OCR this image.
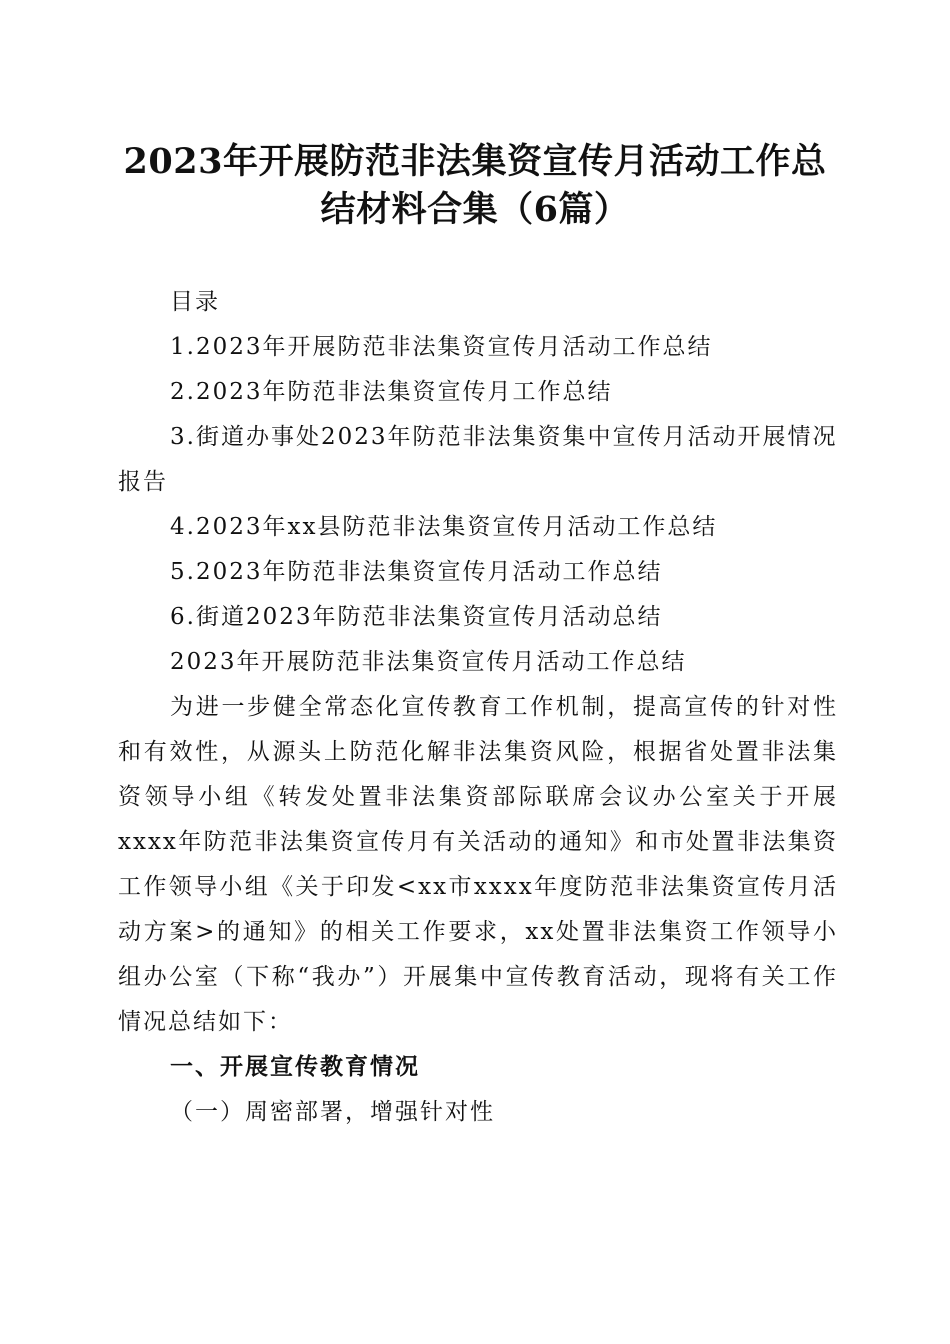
2023年开展防范非法集资宣传月活动工作总
结材料合集（6篇）

目录

1.2023年开展防范非法集资宣传月活动工作总结

2.2023年防范非法集资宣传月工作总结

3.街道办事处2023年防范非法集资集中宣传月活动开展情况报告

4.2023年xx县防范非法集资宣传月活动工作总结

5.2023年防范非法集资宣传月活动工作总结

6.街道2023年防范非法集资宣传月活动总结

2023年开展防范非法集资宣传月活动工作总结

为进一步健全常态化宣传教育工作机制，提高宣传的针对性和有效性，从源头上防范化解非法集资风险，根据省处置非法集资领导小组《转发处置非法集资部际联席会议办公室关于开展xxxx年防范非法集资宣传月有关活动的通知》和市处置非法集资工作领导小组《关于印发<xx市xxxx年度防范非法集资宣传月活动方案>的通知》的相关工作要求，xx处置非法集资工作领导小组办公室（下称“我办”）开展集中宣传教育活动，现将有关工作情况总结如下：

一、开展宣传教育情况

（一）周密部署，增强针对性
